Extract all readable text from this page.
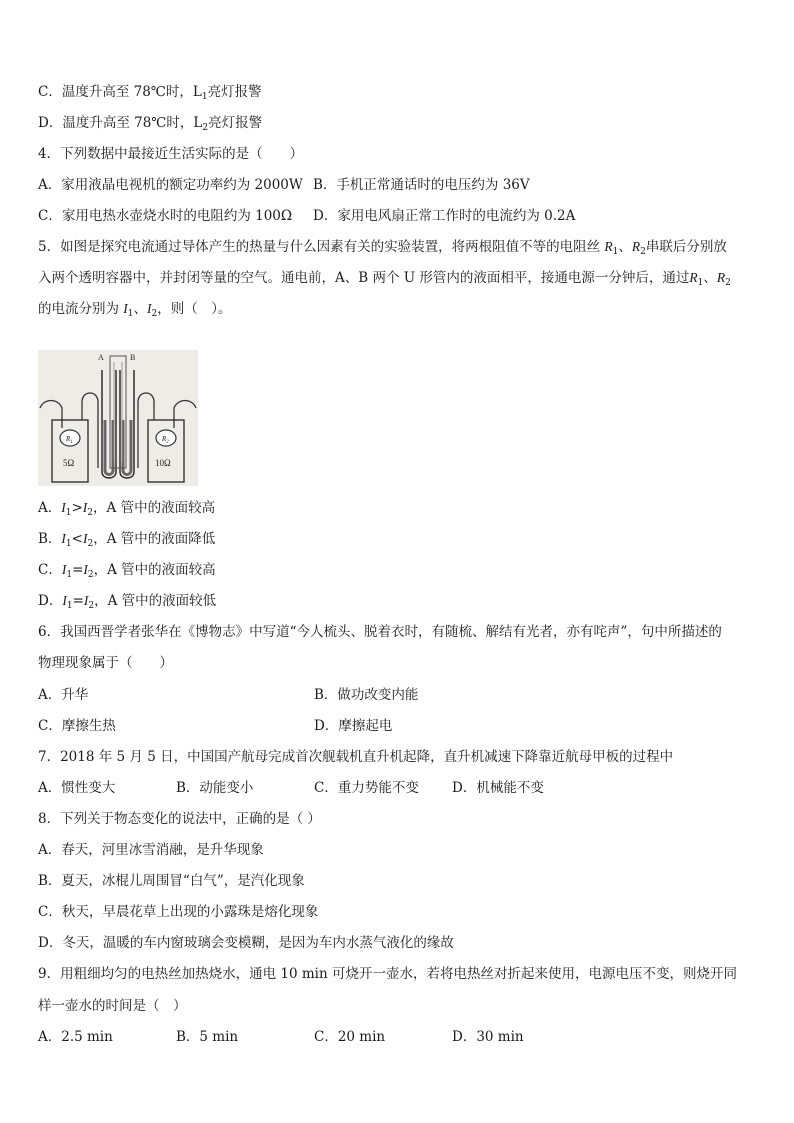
C．温度升高至 78℃时，$L_1$亮灯报警
D．温度升高至 78℃时，$L_2$亮灯报警
4．下列数据中最接近生活实际的是（　　）
A．家用液晶电视机的额定功率约为 2000W B．手机正常通话时的电压约为 36V
C．家用电热水壶烧水时的电阻约为 100Ω D．家用电风扇正常工作时的电流约为 0.2A
5．如图是探究电流通过导体产生的热量与什么因素有关的实验装置，将两根阻值不等的电阻丝 $R_1$、$R_2$串联后分别放
入两个透明容器中，并封闭等量的空气。通电前，A、B 两个 U 形管内的液面相平，接通电源一分钟后，通过$R_1$、$R_2$
的电流分别为 $I_1$、$I_2$，则（　）。
A	B
$R_1$	$R_2$
5Ω	10Ω
A．$I_1>I_2$，A 管中的液面较高
B．$I_1<I_2$，A 管中的液面降低
C．$I_1=I_2$，A 管中的液面较高
D．$I_1=I_2$，A 管中的液面较低
6．我国西晋学者张华在《博物志》中写道“今人梳头、脱着衣时，有随梳、解结有光者，亦有咤声”，句中所描述的
物理现象属于（　　）
A．升华	B．做功改变内能
C．摩擦生热	D．摩擦起电
7．2018 年 5 月 5 日，中国国产航母完成首次舰载机直升机起降，直升机减速下降靠近航母甲板的过程中
A．惯性变大	B．动能变小	C．重力势能不变 D．机械能不变
8．下列关于物态变化的说法中，正确的是（ ）
A．春天，河里冰雪消融，是升华现象
B．夏天，冰棍儿周围冒“白气”，是汽化现象
C．秋天，早晨花草上出现的小露珠是熔化现象
D．冬天，温暖的车内窗玻璃会变模糊，是因为车内水蒸气液化的缘故
9．用粗细均匀的电热丝加热烧水，通电 10 min 可烧开一壶水，若将电热丝对折起来使用，电源电压不变，则烧开同
样一壶水的时间是（　）
A．2.5 min	B．5 min	C．20 min	D．30 min
